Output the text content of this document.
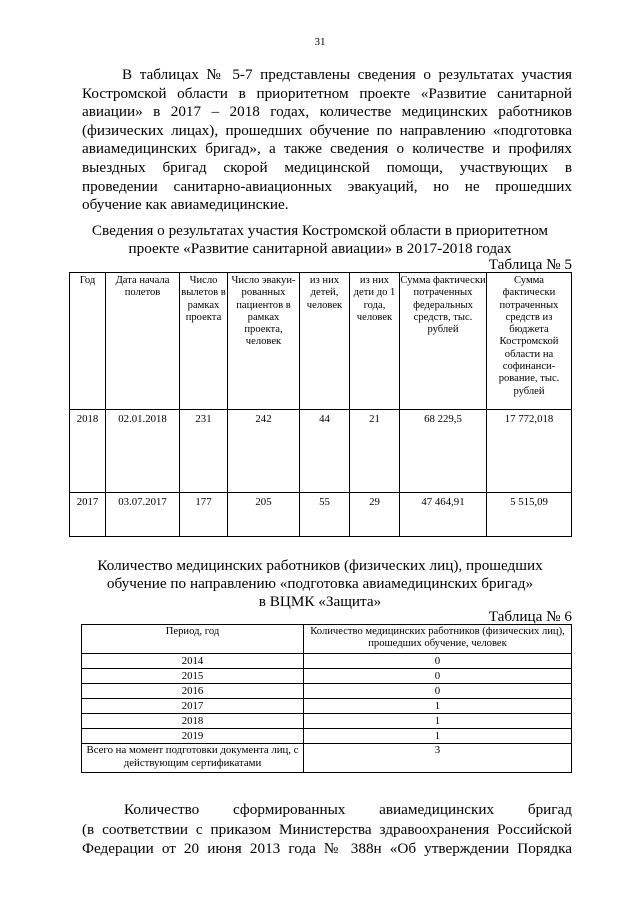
31

В таблицах № 5-7 представлены сведения о результатах участия Костромской области в приоритетном проекте «Развитие санитарной авиации» в 2017 – 2018 годах, количестве медицинских работников (физических лицах), прошедших обучение по направлению «подготовка авиамедицинских бригад», а также сведения о количестве и профилях выездных бригад скорой медицинской помощи, участвующих в проведении санитарно-авиационных эвакуаций, но не прошедших обучение как авиамедицинские.

Сведения о результатах участия Костромской области в приоритетном
проекте «Развитие санитарной авиации» в 2017-2018 годах
Таблица № 5
Год	Дата начала полетов	Число вылетов в рамках проекта	Число эвакуи-рованных пациентов в рамках проекта, человек	из них детей, человек	из них дети до 1 года, человек	Сумма фактически потраченных федеральных средств, тыс. рублей	Сумма фактически потраченных средств из бюджета Костромской области на софинанси-рование, тыс. рублей
2018	02.01.2018	231	242	44	21	68 229,5	17 772,018
2017	03.07.2017	177	205	55	29	47 464,91	5 515,09
Количество медицинских работников (физических лиц), прошедших
обучение по направлению «подготовка авиамедицинских бригад»
в ВЦМК «Защита»
Таблица № 6
Период, год	Количество медицинских работников (физических лиц), прошедших обучение, человек
2014	0
2015	0
2016	0
2017	1
2018	1
2019	1
Всего на момент подготовки документа лиц, с действующим сертификатами	3
Количество сформированных авиамедицинских бригад
(в соответствии с приказом Министерства здравоохранения Российской
Федерации от 20 июня 2013 года № 388н «Об утверждении Порядка
